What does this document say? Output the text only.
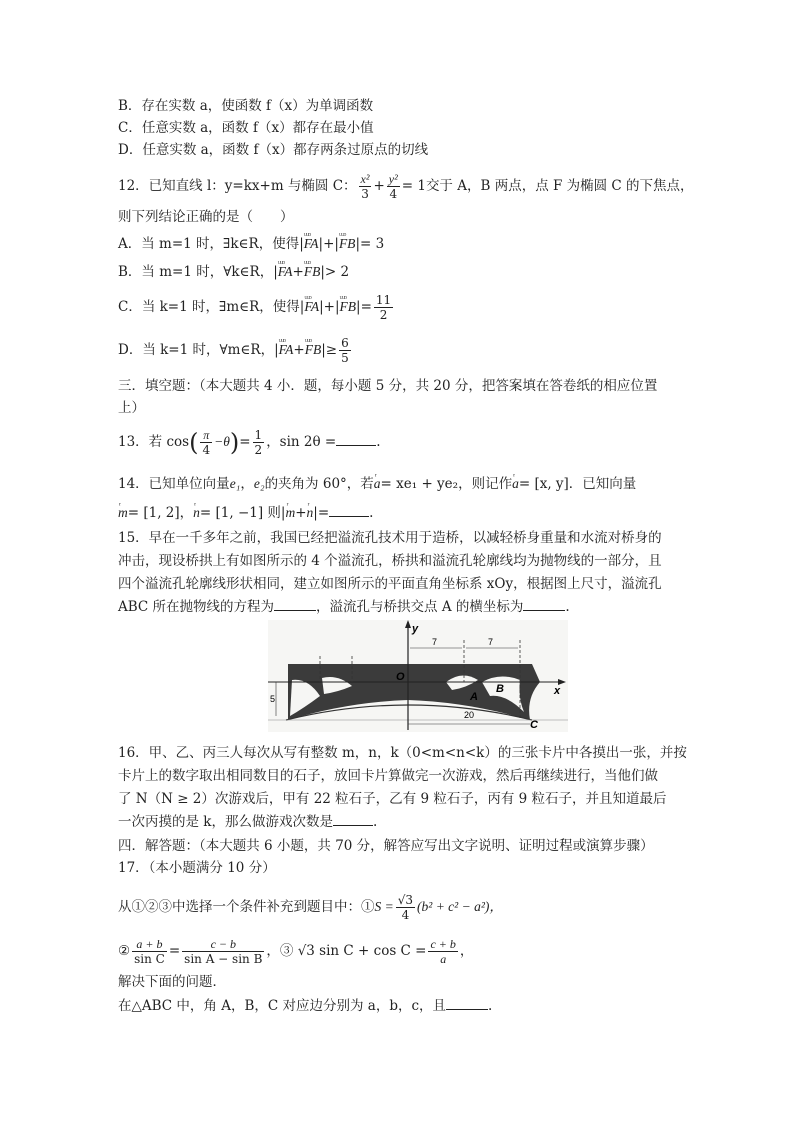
B．存在实数 a，使函数 f（x）为单调函数
C．任意实数 a，函数 f（x）都存在最小值
D．任意实数 a，函数 f（x）都存两条过原点的切线
12．已知直线 l：y=kx+m 与椭圆 C： $\frac{\text{x²}}{3} + \frac{\text{y²}}{4} = 1$交于 A，B 两点，点 F 为椭圆 C 的下焦点，
则下列结论正确的是（　　）
A．当 m=1 时，∃k∈R，使得|ᵁᵁᴰ FA|+|ᵁᵁᴰ FB|= 3
B．当 m=1 时，∀k∈R，|ᵁᵁᴰ FA+ᵁᵁᴰ FB|> 2
C．当 k=1 时，∃m∈R，使得|ᵁᵁᴰ FA|+|ᵁᵁᴰ $FB|= \frac{11}{2}$
D．当 k=1 时，∀m∈R，|ᵁᵁᴰ FA+ᵁᵁᴰ $FB|\ge \frac{6}{5}$
三．填空题：（本大题共 4 小．题，每小题 5 分，共 20 分，把答案填在答卷纸的相应位置
上）
13．若 $\cos( \frac{\pi}{4} -\theta)= \frac{1}{2}$ ，sin 2θ =	.
14．已知单位向量e₁，e₂的夹角为 60°，若ʳ a= xe₁ + ye₂，则记作ʳ a= [x, y]．已知向量
ʳ m= [1, 2]，ʳ n= [1, −1] 则|ʳ m+ʳ n|=	.
15．早在一千多年之前，我国已经把溢流孔技术用于造桥，以减轻桥身重量和水流对桥身的
冲击，现设桥拱上有如图所示的 4 个溢流孔，桥拱和溢流孔轮廓线均为抛物线的一部分，且
四个溢流孔轮廓线形状相同，建立如图所示的平面直角坐标系 xOy，根据图上尺寸，溢流孔
ABC 所在抛物线的方程为	，溢流孔与桥拱交点 A 的横坐标为	.
y
x
O
A
B
C
7	7
5
20
16．甲、乙、丙三人每次从写有整数 m，n，k（0<m<n<k）的三张卡片中各摸出一张，并按
卡片上的数字取出相同数目的石子，放回卡片算做完一次游戏，然后再继续进行，当他们做
了 N（N ≥ 2）次游戏后，甲有 22 粒石子，乙有 9 粒石子，丙有 9 粒石子，并且知道最后
一次丙摸的是 k，那么做游戏次数是	.
四．解答题：（本大题共 6 小题，共 70 分，解答应写出文字说明、证明过程或演算步骤）
17．（本小题满分 10 分）
从①②③中选择一个条件补充到题目中：①S = $\frac{√3}{4} (b^2 + c^2 - a^2)$，
② $\frac{a + b}{\text{sin C}} = \frac{c - b}{\text{sin A − sin B}}$ ，③ √3 $\sin C + \cos C = \frac{c + b}{a}$ ，
解决下面的问题．
在△ABC 中，角 A，B，C 对应边分别为 a，b，c，且	.
